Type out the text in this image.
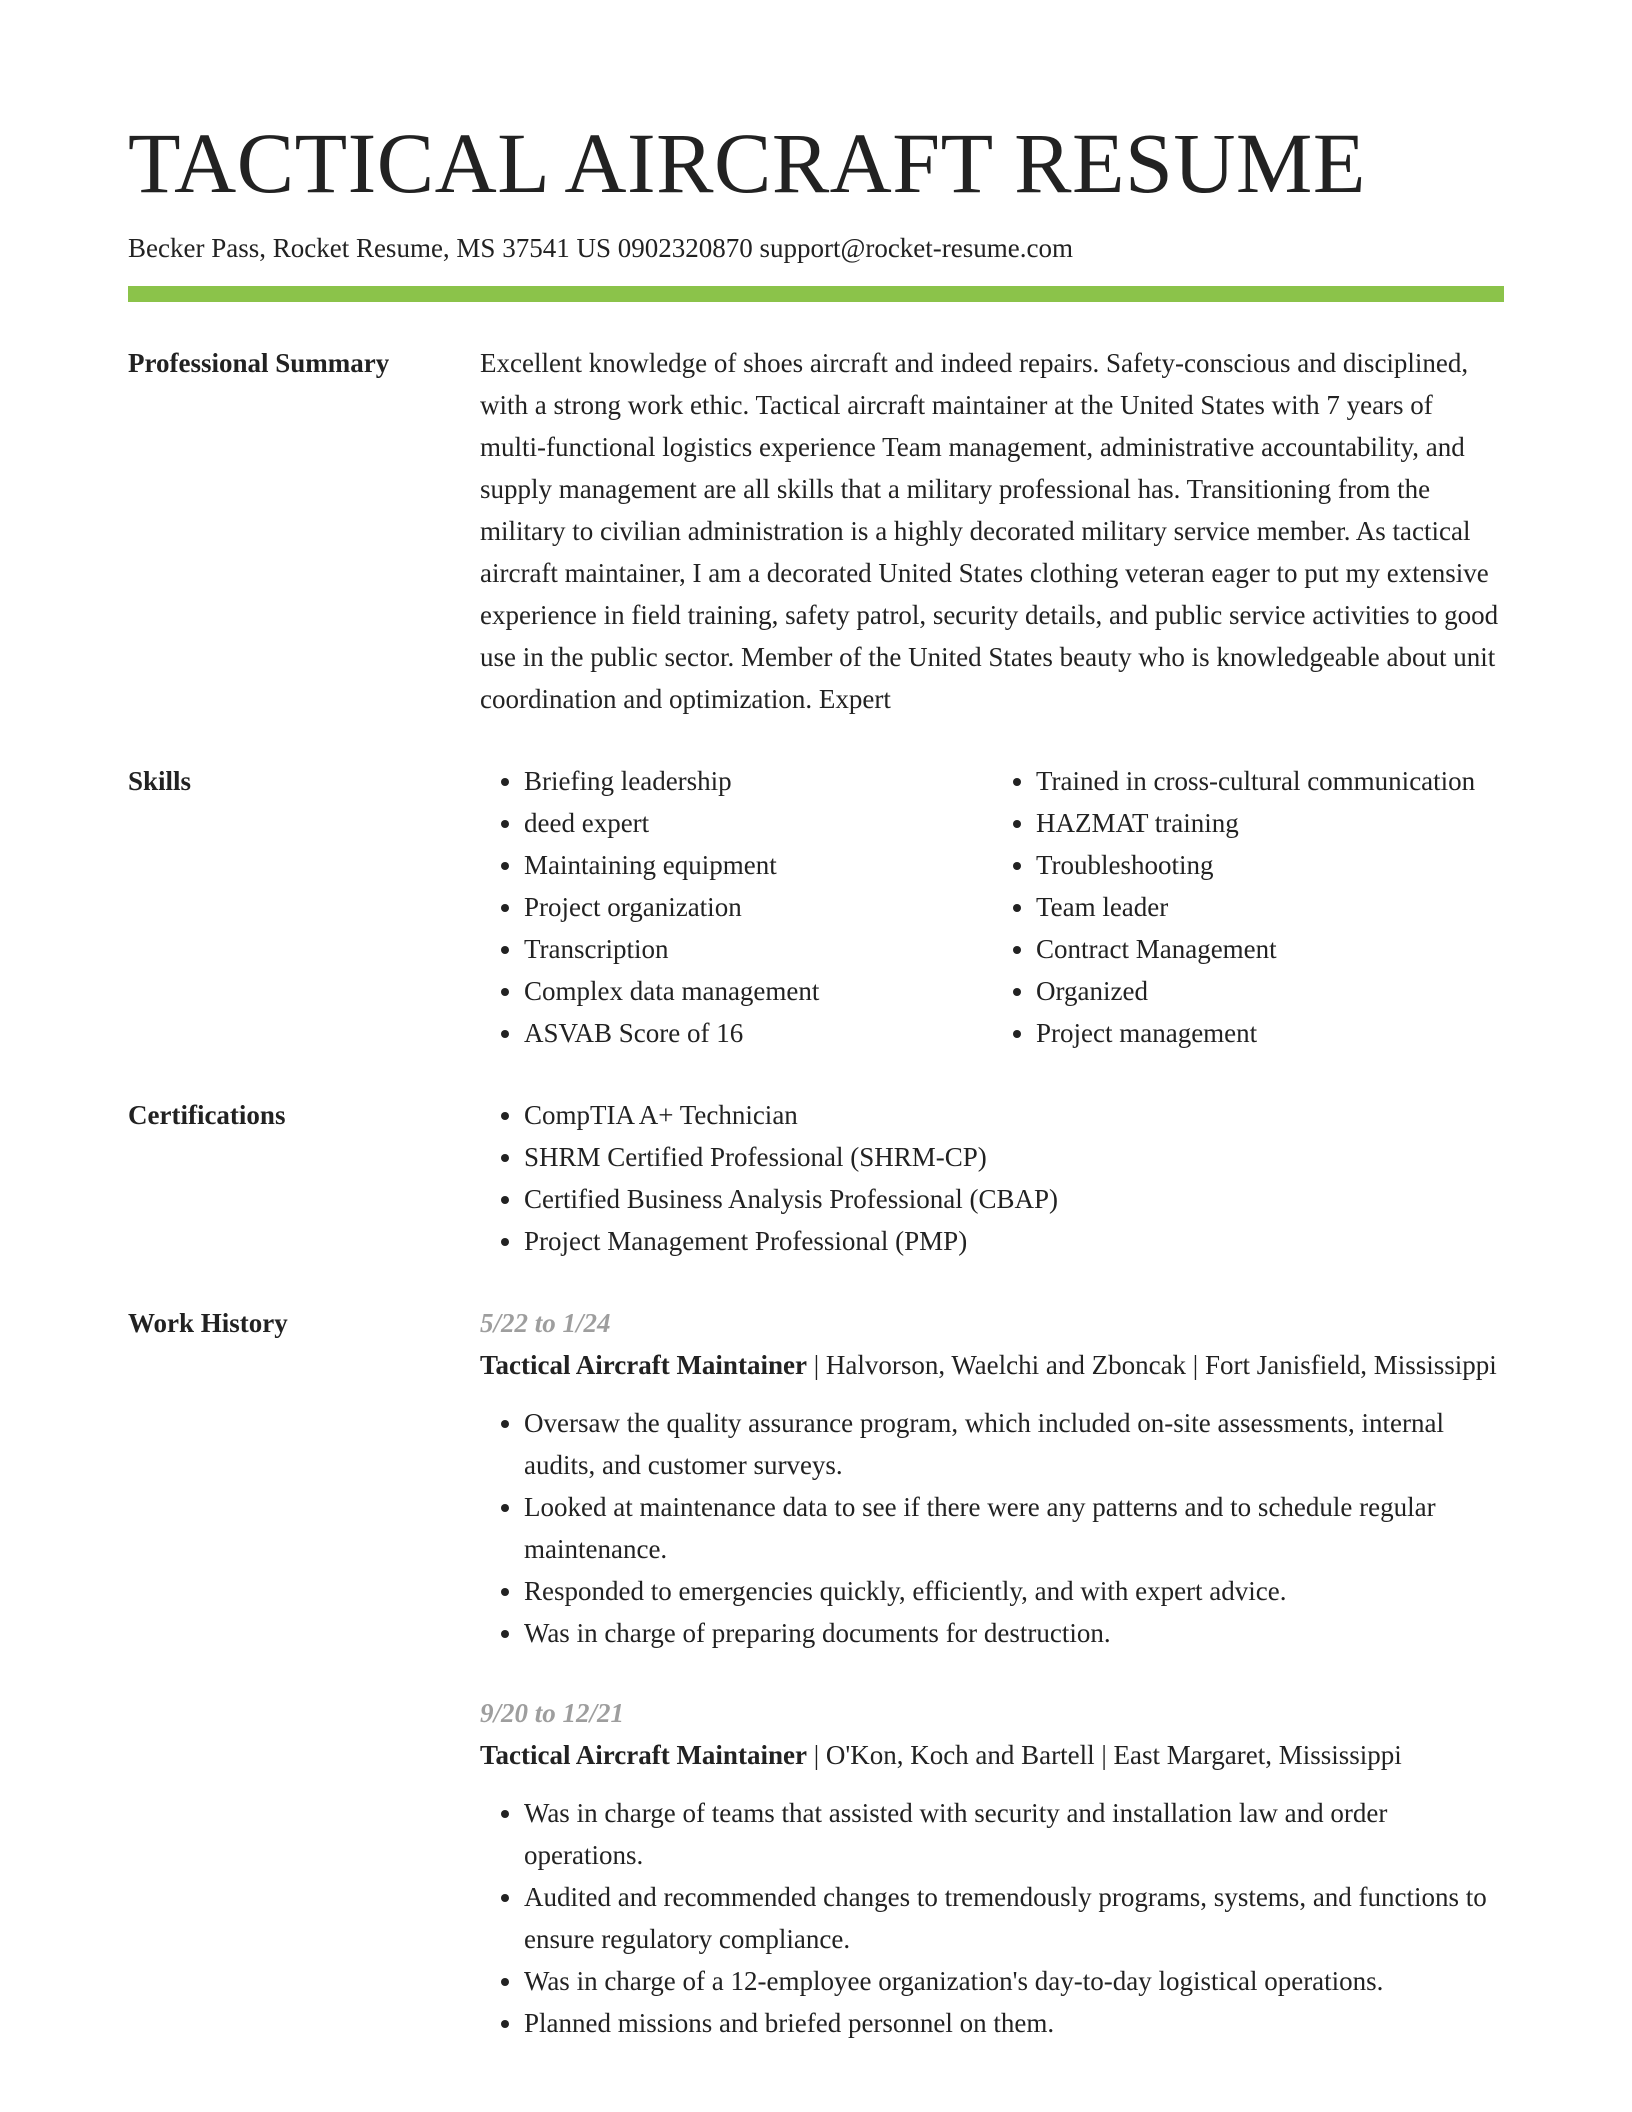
TACTICAL AIRCRAFT RESUME
Becker Pass, Rocket Resume, MS 37541 US 0902320870 support@rocket-resume.com
Professional Summary	Excellent knowledge of shoes aircraft and indeed repairs. Safety-conscious and disciplined, with a strong work ethic. Tactical aircraft maintainer at the United States with 7 years of multi-functional logistics experience Team management, administrative accountability, and supply management are all skills that a military professional has. Transitioning from the military to civilian administration is a highly decorated military service member. As tactical aircraft maintainer, I am a decorated United States clothing veteran eager to put my extensive experience in field training, safety patrol, security details, and public service activities to good use in the public sector. Member of the United States beauty who is knowledgeable about unit coordination and optimization. Expert

Skills	• Briefing leadership
• deed expert
• Maintaining equipment
• Project organization
• Transcription
• Complex data management
• ASVAB Score of 16
• Trained in cross-cultural communication
• HAZMAT training
• Troubleshooting
• Team leader
• Contract Management
• Organized
• Project management
Certifications	• CompTIA A+ Technician
• SHRM Certified Professional (SHRM-CP)
• Certified Business Analysis Professional (CBAP)
• Project Management Professional (PMP)
Work History	5/22 to 1/24
Tactical Aircraft Maintainer | Halvorson, Waelchi and Zboncak | Fort Janisfield, Mississippi
• Oversaw the quality assurance program, which included on-site assessments, internal audits, and customer surveys.
• Looked at maintenance data to see if there were any patterns and to schedule regular maintenance.
• Responded to emergencies quickly, efficiently, and with expert advice.
• Was in charge of preparing documents for destruction.
9/20 to 12/21
Tactical Aircraft Maintainer | O'Kon, Koch and Bartell | East Margaret, Mississippi
• Was in charge of teams that assisted with security and installation law and order operations.
• Audited and recommended changes to tremendously programs, systems, and functions to ensure regulatory compliance.
• Was in charge of a 12-employee organization's day-to-day logistical operations.
• Planned missions and briefed personnel on them.
